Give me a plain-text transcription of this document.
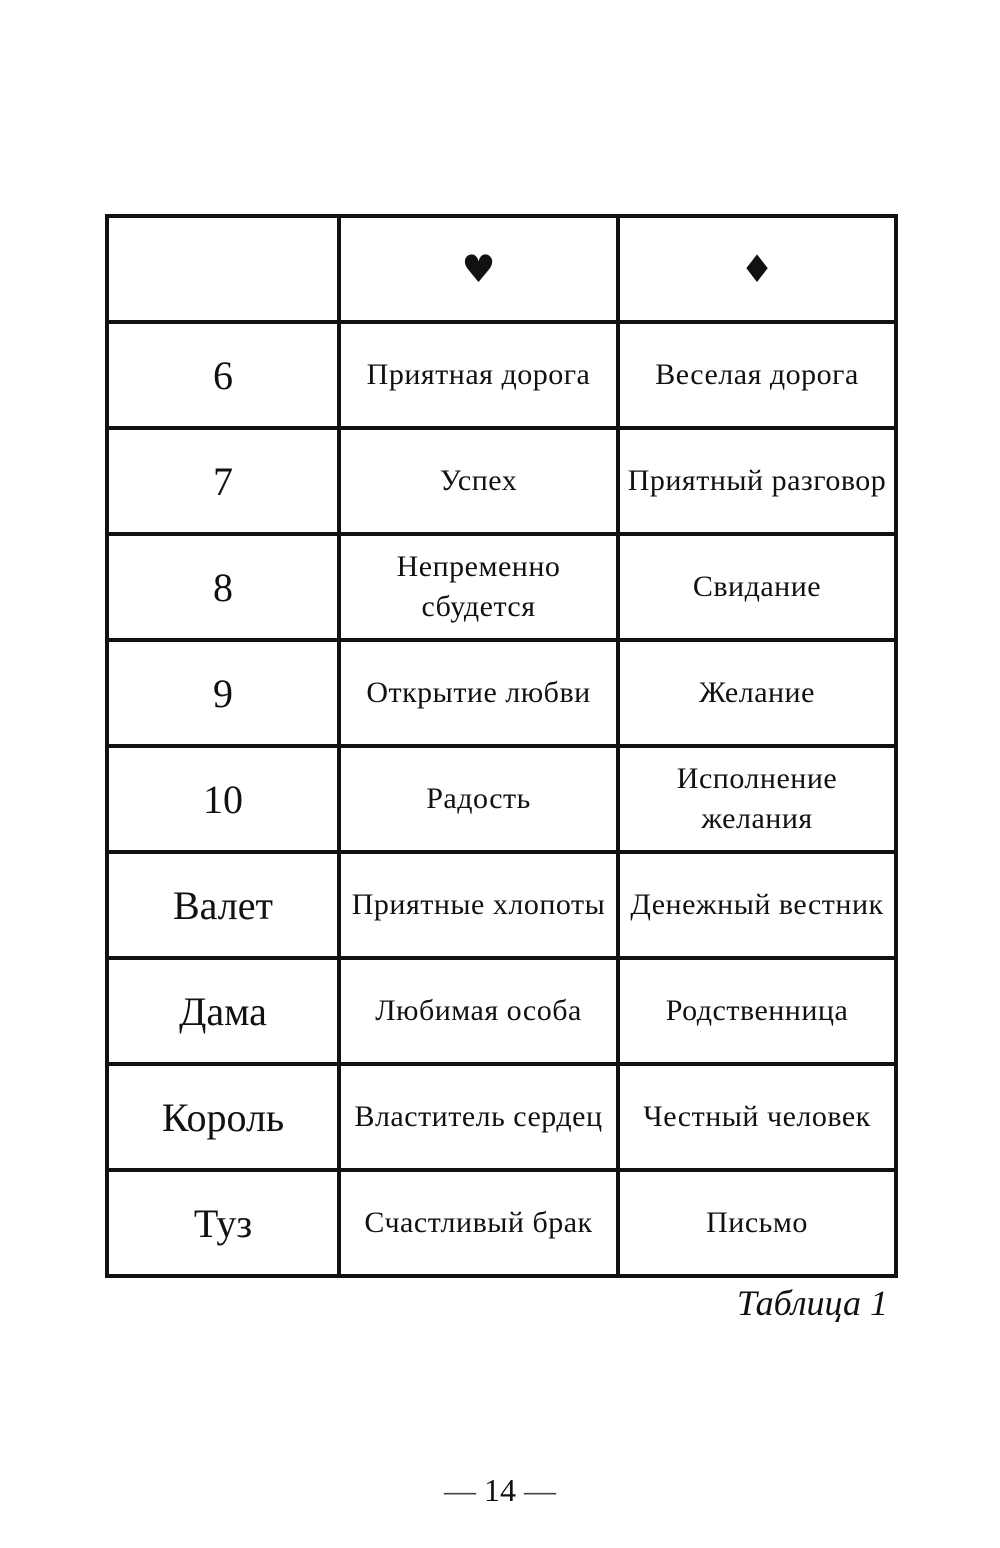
	♥	♦
6	Приятная дорога	Веселая дорога
7	Успех	Приятный разговор
8	Непременно сбудется	Свидание
9	Открытие любви	Желание
10	Радость	Исполнение желания
Валет	Приятные хлопоты	Денежный вестник
Дама	Любимая особа	Родственница
Король	Властитель сердец	Честный человек
Туз	Счастливый брак	Письмо
Таблица 1
— 14 —
